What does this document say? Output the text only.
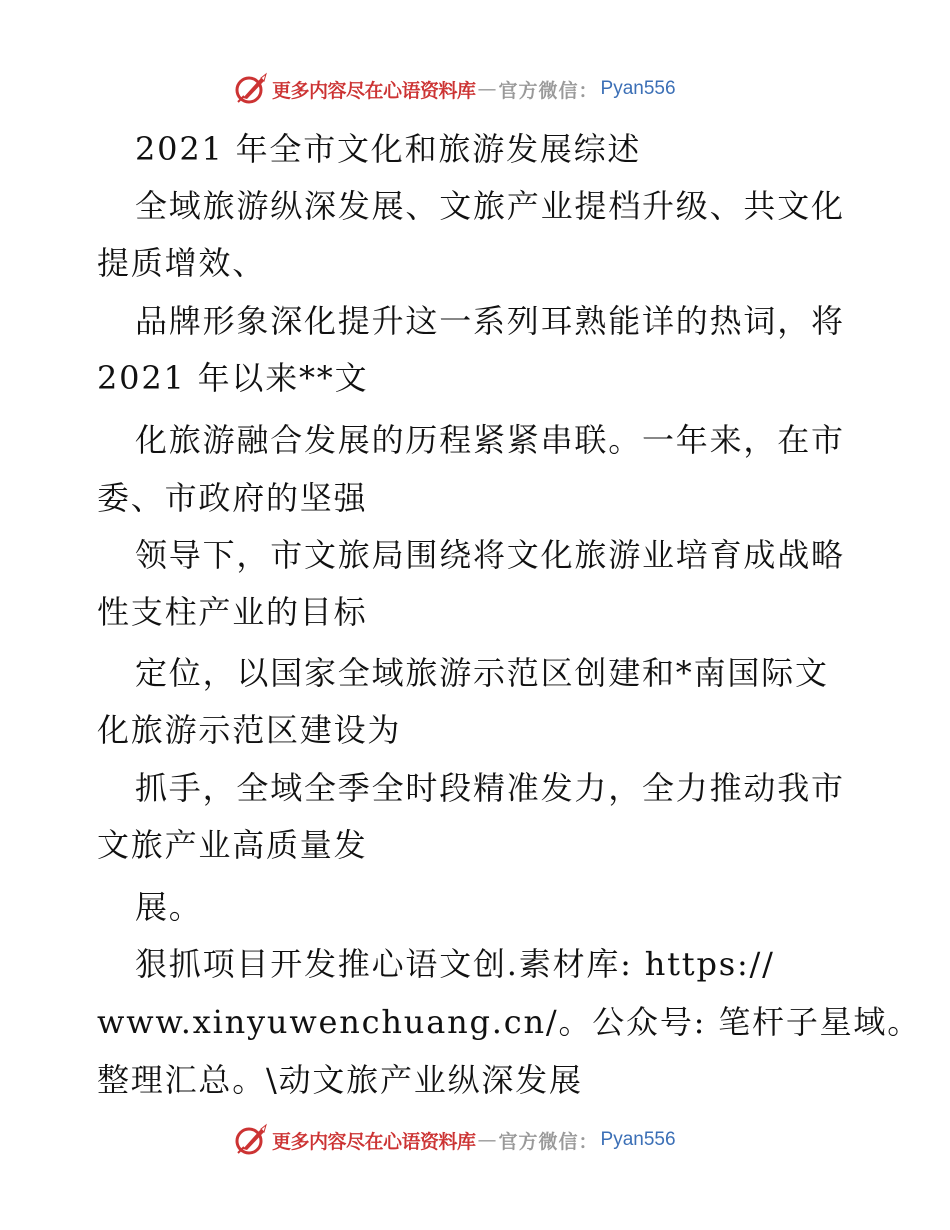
更多内容尽在心语资料库 — 官方微信： Pyan556
2021 年全市文化和旅游发展综述
全域旅游纵深发展、文旅产业提档升级、共文化
提质增效、
品牌形象深化提升这一系列耳熟能详的热词，将
2021 年以来**文
化旅游融合发展的历程紧紧串联。一年来，在市
委、市政府的坚强
领导下，市文旅局围绕将文化旅游业培育成战略
性支柱产业的目标
定位，以国家全域旅游示范区创建和*南国际文
化旅游示范区建设为
抓手，全域全季全时段精准发力，全力推动我市
文旅产业高质量发
展。
狠抓项目开发推心语文创.素材库: https://
www.xinyuwenchuang.cn/。公众号: 笔杆子星域。
整理汇总。\动文旅产业纵深发展
更多内容尽在心语资料库 — 官方微信： Pyan556
